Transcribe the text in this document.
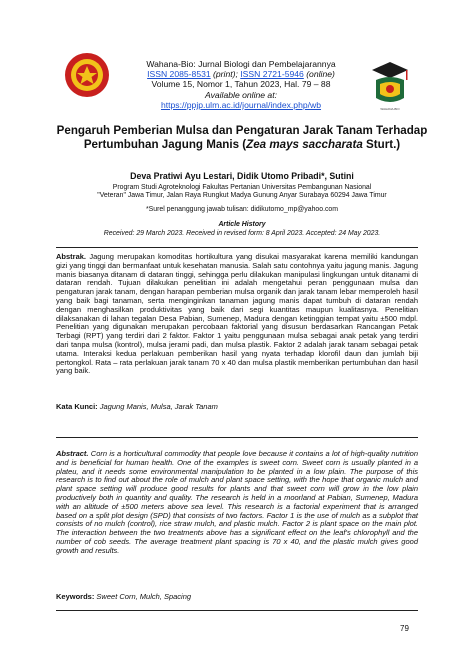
Wahana-Bio: Jurnal Biologi dan Pembelajarannya
ISSN 2085-8531 (print); ISSN 2721-5946 (online)
Volume 15, Nomor 1, Tahun 2023, Hal. 79 – 88
Available online at:
https://ppjp.ulm.ac.id/journal/index.php/wb	WAHANA-BIO
Pengaruh Pemberian Mulsa dan Pengaturan Jarak Tanam Terhadap
Pertumbuhan Jagung Manis (Zea mays saccharata Sturt.)
Deva Pratiwi Ayu Lestari, Didik Utomo Pribadi*, Sutini
Program Studi Agroteknologi Fakultas Pertanian Universitas Pembangunan Nasional
"Veteran" Jawa Timur, Jalan Raya Rungkut Madya Gunung Anyar Surabaya 60294 Jawa Timur
*Surel penanggung jawab tulisan: didikutomo_mp@yahoo.com
Article History
Received: 29 March 2023. Received in revised form: 8 April 2023. Accepted: 24 May 2023.
Abstrak. Jagung merupakan komoditas hortikultura yang disukai masyarakat karena memiliki kandungan gizi yang tinggi dan bermanfaat untuk kesehatan manusia. Salah satu contohnya yaitu jagung manis. Jagung manis biasanya ditanam di dataran tinggi, sehingga perlu dilakukan manipulasi lingkungan untuk ditanami di dataran rendah. Tujuan dilakukan penelitian ini adalah mengetahui peran penggunaan mulsa dan pengaturan jarak tanam, dengan harapan pemberian mulsa organik dan jarak tanam lebar memperoleh hasil yang baik bagi tanaman, serta menginginkan tanaman jagung manis dapat tumbuh di dataran rendah dengan menghasilkan produktivitas yang baik dari segi kuantitas maupun kualitasnya. Penelitian dilaksanakan di lahan tegalan Desa Pabian, Sumenep, Madura dengan ketinggian tempat yaitu ±500 mdpl. Penelitian yang digunakan merupakan percobaan faktorial yang disusun berdasarkan Rancangan Petak Terbagi (RPT) yang terdiri dari 2 faktor. Faktor 1 yaitu penggunaan mulsa sebagai anak petak yang terdiri dari tanpa mulsa (kontrol), mulsa jerami padi, dan mulsa plastik. Faktor 2 adalah jarak tanam sebagai petak utama. Interaksi kedua perlakuan pemberikan hasil yang nyata terhadap klorofil daun dan jumlah biji pertongkol. Rata – rata perlakuan jarak tanam 70 x 40 dan mulsa plastik memberikan pertumbuhan dan hasil yang baik.
Kata Kunci: Jagung Manis, Mulsa, Jarak Tanam
Abstract. Corn is a horticultural commodity that people love because it contains a lot of high-quality nutrition and is beneficial for human health. One of the examples is sweet corn. Sweet corn is usually planted in a plateu, and it needs some environmental manipulation to be planted in a low plain. The purpose of this research is to find out about the role of mulch and plant space setting, with the hope that organic mulch and plant space setting will produce good results for plants and that sweet corn will grow in the low plain productively both in quantity and quality. The research is held in a moorland at Pabian, Sumenep, Madura with an altitude of ±500 meters above sea level. This research is a factorial experiment that is arranged based on a split plot design (SPD) that consists of two factors. Factor 1 is the use of mulch as a subplot that consists of no mulch (control), rice straw mulch, and plastic mulch. Factor 2 is plant space on the main plot. The interaction between the two treatments above has a significant effect on the leaf's chlorophyll and the number of cob seeds. The average treatment plant spacing is 70 x 40, and the plastic mulch gives good growth and results.
Keywords: Sweet Corn, Mulch, Spacing
79
